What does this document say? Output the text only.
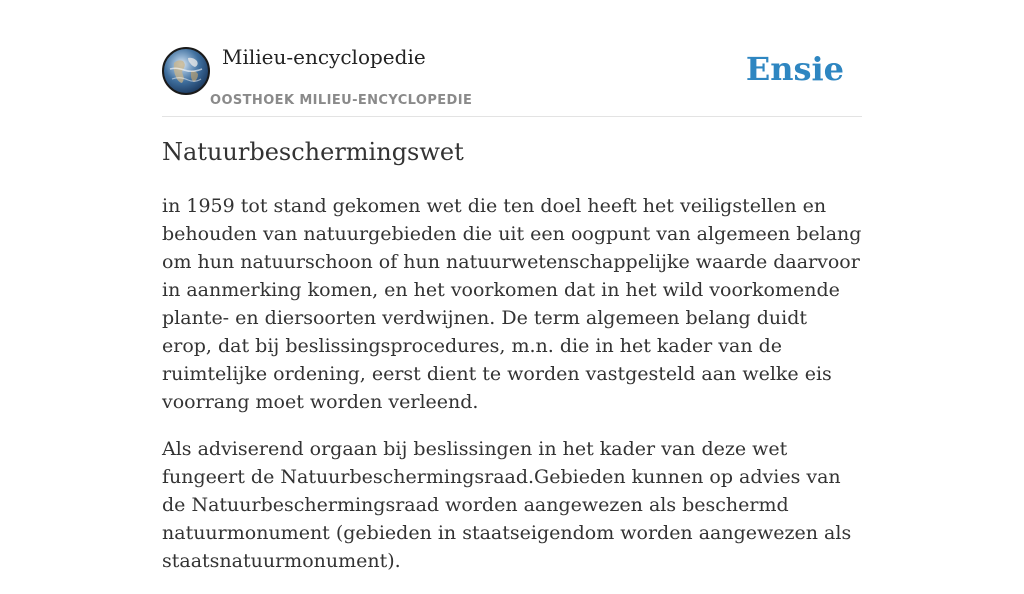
Milieu-encyclopedie
OOSTHOEK MILIEU-ENCYCLOPEDIE
Ensie
Natuurbeschermingswet

in 1959 tot stand gekomen wet die ten doel heeft het veiligstellen en behouden van natuurgebieden die uit een oogpunt van algemeen belang om hun natuurschoon of hun natuurwetenschappelijke waarde daarvoor in aanmerking komen, en het voorkomen dat in het wild voorkomende plante- en diersoorten verdwijnen. De term algemeen belang duidt erop, dat bij beslissingsprocedures, m.n. die in het kader van de ruimtelijke ordening, eerst dient te worden vastgesteld aan welke eis voorrang moet worden verleend.

Als adviserend orgaan bij beslissingen in het kader van deze wet fungeert de Natuurbeschermingsraad.Gebieden kunnen op advies van de Natuurbeschermingsraad worden aangewezen als beschermd natuurmonument (gebieden in staatseigendom worden aangewezen als staatsnatuurmonument).
